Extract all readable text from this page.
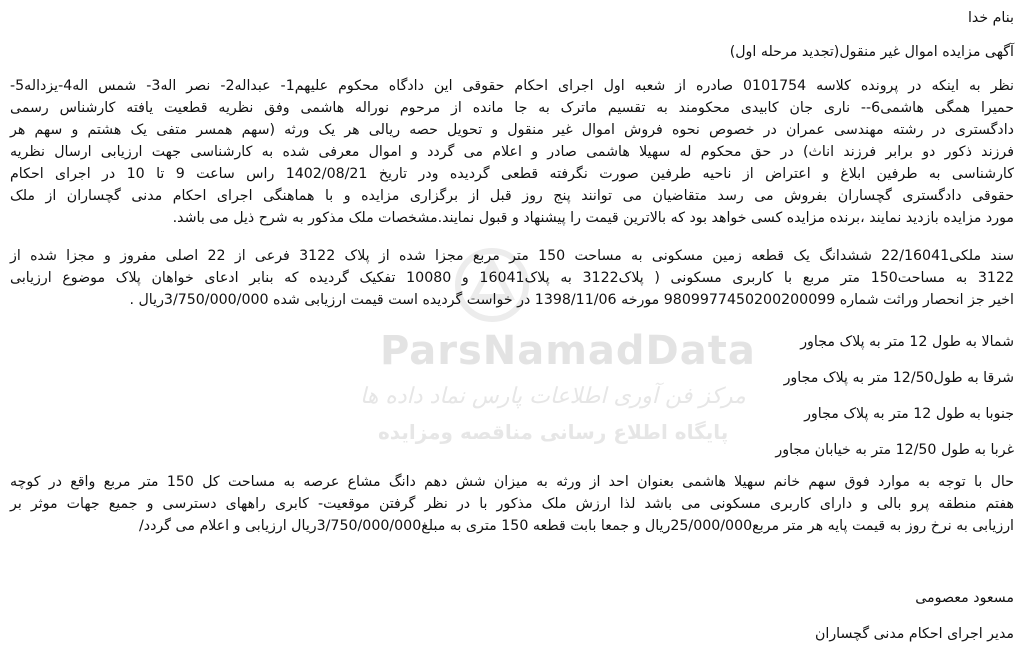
ParsNamadData
مرکز فن آوری اطلاعات پارس نماد داده ها
پایگاه اطلاع رسانی مناقصه ومزایده
بنام خدا
آگهی مزایده اموال غیر منقول(تجدید مرحله اول)
نظر به اینکه در پرونده کلاسه 0101754 صادره از شعبه اول اجرای احکام حقوقی این دادگاه محکوم علیهم1- عبداله2- نصر اله3- شمس اله4-یزداله5-
حمیرا همگی هاشمی6-- ناری جان کابیدی محکومند به تقسیم ماترک به جا مانده از مرحوم نوراله هاشمی وفق نظریه قطعیت یافته کارشناس رسمی
دادگستری در رشته مهندسی عمران در خصوص نحوه فروش اموال غیر منقول و تحویل حصه ریالی هر یک ورثه (سهم همسر متفی یک هشتم و سهم هر
فرزند ذکور دو برابر فرزند اناث) در حق محکوم له سهیلا هاشمی صادر و اعلام می گردد و اموال معرفی شده به کارشناسی جهت ارزیابی ارسال نظریه
کارشناسی به طرفین ابلاغ و اعتراض از ناحیه طرفین صورت نگرفته قطعی گردیده ودر تاریخ 1402/08/21 راس ساعت 9 تا 10 در اجرای احکام
حقوقی دادگستری گچساران بفروش می رسد متقاضیان می توانند پنج روز قبل از برگزاری مزایده و با هماهنگی اجرای احکام مدنی گچساران از ملک
مورد مزایده بازدید نمایند ،برنده مزایده کسی خواهد بود که بالاترین قیمت را پیشنهاد و قبول نمایند.مشخصات ملک مذکور به شرح ذیل می باشد.
سند ملکی22/16041 ششدانگ یک قطعه زمین مسکونی به مساحت 150 متر مربع مجزا شده از پلاک 3122 فرعی از 22 اصلی مفروز و مجزا شده از
3122 به مساحت150 متر مربع با کاربری مسکونی ( پلاک3122 به پلاک16041 و 10080 تفکیک گردیده که بنابر ادعای خواهان پلاک موضوع ارزیابی
اخیر جز انحصار وراثت شماره 9809977450200200099 مورخه 1398/11/06 در خواست گردیده است قیمت ارزیابی شده 3/750/000/000ریال .
شمالا به طول 12 متر به پلاک مجاور
شرقا به طول12/50 متر به پلاک مجاور
جنوبا به طول 12 متر به پلاک مجاور
غربا به طول 12/50 متر به خیابان مجاور
حال با توجه به موارد فوق سهم خانم سهیلا هاشمی بعنوان احد از ورثه به میزان شش دهم دانگ مشاع عرصه به مساحت کل 150 متر مربع واقع در کوچه
هفتم منطقه پرو بالی و دارای کاربری مسکونی می باشد لذا ارزش ملک مذکور با در نظر گرفتن موقعیت- کابری راههای دسترسی و جمیع جهات موثر بر
ارزیابی به نرخ روز به قیمت پایه هر متر مربع25/000/000ریال و جمعا بابت قطعه 150 متری به مبلغ3/750/000/000ریال ارزیابی و اعلام می گردد/
مسعود معصومی
مدیر اجرای احکام مدنی گچساران
